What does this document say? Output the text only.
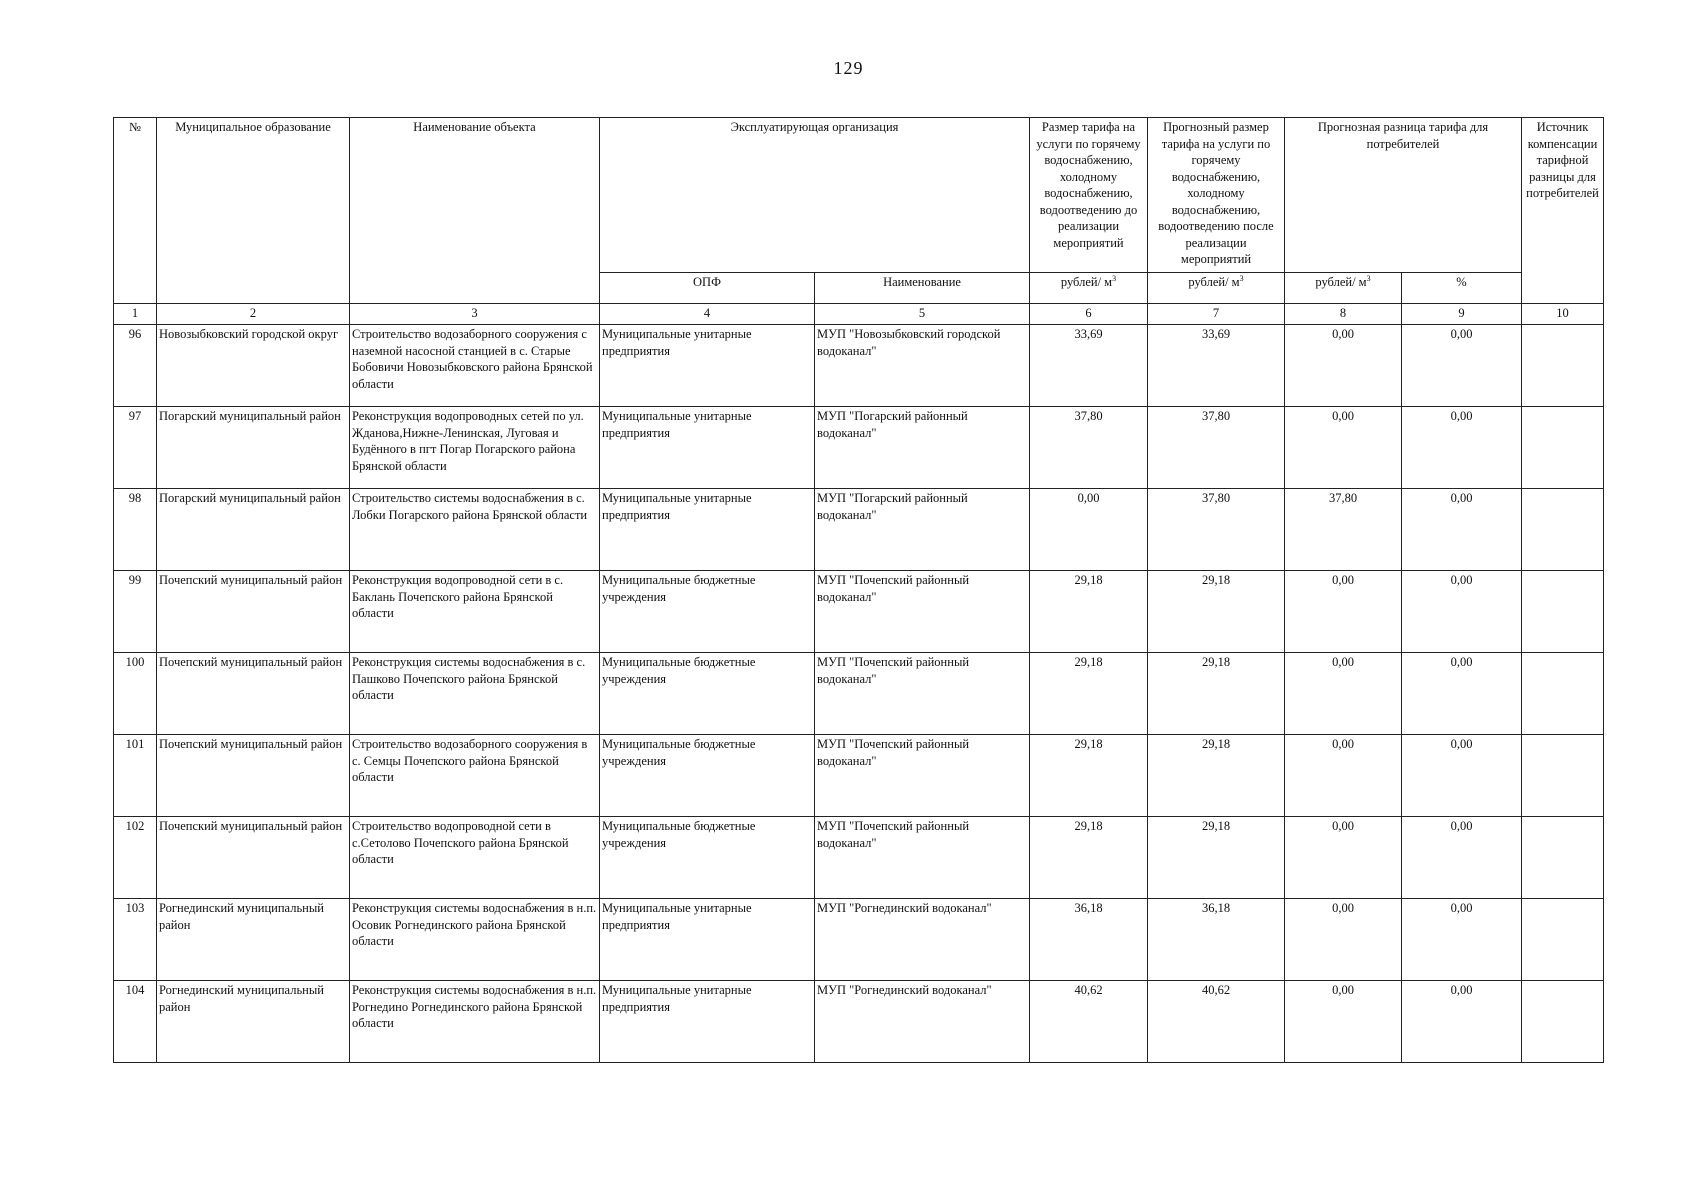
129
№	Муниципальное образование	Наименование объекта	Эксплуатирующая организация		Размер тарифа на услуги по горячему водоснабжению, холодному водоснабжению, водоотведению до реализации мероприятий	Прогнозный размер тарифа на услуги по горячему водоснабжению, холодному водоснабжению, водоотведению после реализации мероприятий	Прогнозная разница тарифа для потребителей		Источник компенсации тарифной разницы для потребителей
			ОПФ	Наименование	рублей/ $м^3$	рублей/ $м^3$	рублей/ $м^3$	%	
1	2	3	4	5	6	7	8	9	10
96	Новозыбковский городской округ	Строительство водозаборного сооружения с наземной насосной станцией в с. Старые Бобовичи Новозыбковского района Брянской области	Муниципальные унитарные предприятия	МУП "Новозыбковский городской водоканал"	33,69	33,69	0,00	0,00	
97	Погарский муниципальный район	Реконструкция водопроводных сетей по ул. Жданова,Нижне-Ленинская, Луговая и Будённого в пгт Погар Погарского района Брянской области	Муниципальные унитарные предприятия	МУП "Погарский районный водоканал"	37,80	37,80	0,00	0,00	
98	Погарский муниципальный район	Строительство системы водоснабжения в с. Лобки Погарского района Брянской области	Муниципальные унитарные предприятия	МУП "Погарский районный водоканал"	0,00	37,80	37,80	0,00	
99	Почепский муниципальный район	Реконструкция водопроводной сети в с. Баклань Почепского района Брянской области	Муниципальные бюджетные учреждения	МУП "Почепский районный водоканал"	29,18	29,18	0,00	0,00	
100	Почепский муниципальный район	Реконструкция системы водоснабжения в с. Пашково Почепского района Брянской области	Муниципальные бюджетные учреждения	МУП "Почепский районный водоканал"	29,18	29,18	0,00	0,00	
101	Почепский муниципальный район	Строительство водозаборного сооружения в с. Семцы Почепского района Брянской области	Муниципальные бюджетные учреждения	МУП "Почепский районный водоканал"	29,18	29,18	0,00	0,00	
102	Почепский муниципальный район	Строительство водопроводной сети в с.Сетолово Почепского района Брянской области	Муниципальные бюджетные учреждения	МУП "Почепский районный водоканал"	29,18	29,18	0,00	0,00	
103	Рогнединский муниципальный район	Реконструкция системы водоснабжения в н.п. Осовик Рогнединского района Брянской области	Муниципальные унитарные предприятия	МУП "Рогнединский водоканал"	36,18	36,18	0,00	0,00	
104	Рогнединский муниципальный район	Реконструкция системы водоснабжения в н.п. Рогнедино Рогнединского района Брянской области	Муниципальные унитарные предприятия	МУП "Рогнединский водоканал"	40,62	40,62	0,00	0,00	
